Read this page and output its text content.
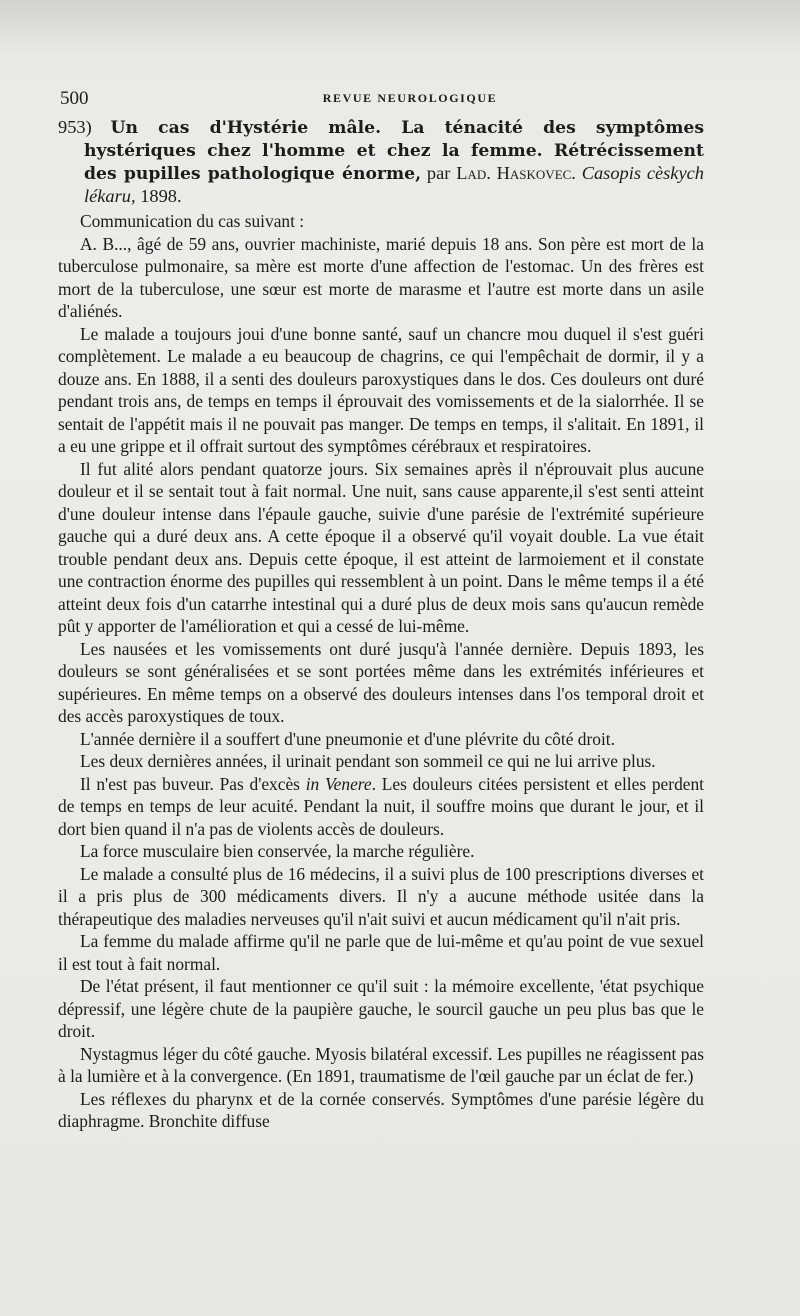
500	REVUE NEUROLOGIQUE

953) Un cas d'Hystérie mâle. La ténacité des symptômes hystériques chez l'homme et chez la femme. Rétrécissement des pupilles pathologique énorme, par Lad. Haskovec. Casopis cèskych lékaru, 1898.

Communication du cas suivant :

A. B..., âgé de 59 ans, ouvrier machiniste, marié depuis 18 ans. Son père est mort de la tuberculose pulmonaire, sa mère est morte d'une affection de l'estomac. Un des frères est mort de la tuberculose, une sœur est morte de marasme et l'autre est morte dans un asile d'aliénés.

Le malade a toujours joui d'une bonne santé, sauf un chancre mou duquel il s'est guéri complètement. Le malade a eu beaucoup de chagrins, ce qui l'empêchait de dormir, il y a douze ans. En 1888, il a senti des douleurs paroxystiques dans le dos. Ces douleurs ont duré pendant trois ans, de temps en temps il éprouvait des vomissements et de la sialorrhée. Il se sentait de l'appétit mais il ne pouvait pas manger. De temps en temps, il s'alitait. En 1891, il a eu une grippe et il offrait surtout des symptômes cérébraux et respiratoires.

Il fut alité alors pendant quatorze jours. Six semaines après il n'éprouvait plus aucune douleur et il se sentait tout à fait normal. Une nuit, sans cause apparente,il s'est senti atteint d'une douleur intense dans l'épaule gauche, suivie d'une parésie de l'extrémité supérieure gauche qui a duré deux ans. A cette époque il a observé qu'il voyait double. La vue était trouble pendant deux ans. Depuis cette époque, il est atteint de larmoiement et il constate une contraction énorme des pupilles qui ressemblent à un point. Dans le même temps il a été atteint deux fois d'un catarrhe intestinal qui a duré plus de deux mois sans qu'aucun remède pût y apporter de l'amélioration et qui a cessé de lui-même.

Les nausées et les vomissements ont duré jusqu'à l'année dernière. Depuis 1893, les douleurs se sont généralisées et se sont portées même dans les extrémités inférieures et supérieures. En même temps on a observé des douleurs intenses dans l'os temporal droit et des accès paroxystiques de toux.

L'année dernière il a souffert d'une pneumonie et d'une plévrite du côté droit.

Les deux dernières années, il urinait pendant son sommeil ce qui ne lui arrive plus.

Il n'est pas buveur. Pas d'excès in Venere. Les douleurs citées persistent et elles perdent de temps en temps de leur acuité. Pendant la nuit, il souffre moins que durant le jour, et il dort bien quand il n'a pas de violents accès de douleurs.

La force musculaire bien conservée, la marche régulière.

Le malade a consulté plus de 16 médecins, il a suivi plus de 100 prescriptions diverses et il a pris plus de 300 médicaments divers. Il n'y a aucune méthode usitée dans la thérapeutique des maladies nerveuses qu'il n'ait suivi et aucun médicament qu'il n'ait pris.

La femme du malade affirme qu'il ne parle que de lui-même et qu'au point de vue sexuel il est tout à fait normal.

De l'état présent, il faut mentionner ce qu'il suit : la mémoire excellente, 'état psychique dépressif, une légère chute de la paupière gauche, le sourcil gauche un peu plus bas que le droit.

Nystagmus léger du côté gauche. Myosis bilatéral excessif. Les pupilles ne réagissent pas à la lumière et à la convergence. (En 1891, traumatisme de l'œil gauche par un éclat de fer.)

Les réflexes du pharynx et de la cornée conservés. Symptômes d'une parésie légère du diaphragme. Bronchite diffuse
